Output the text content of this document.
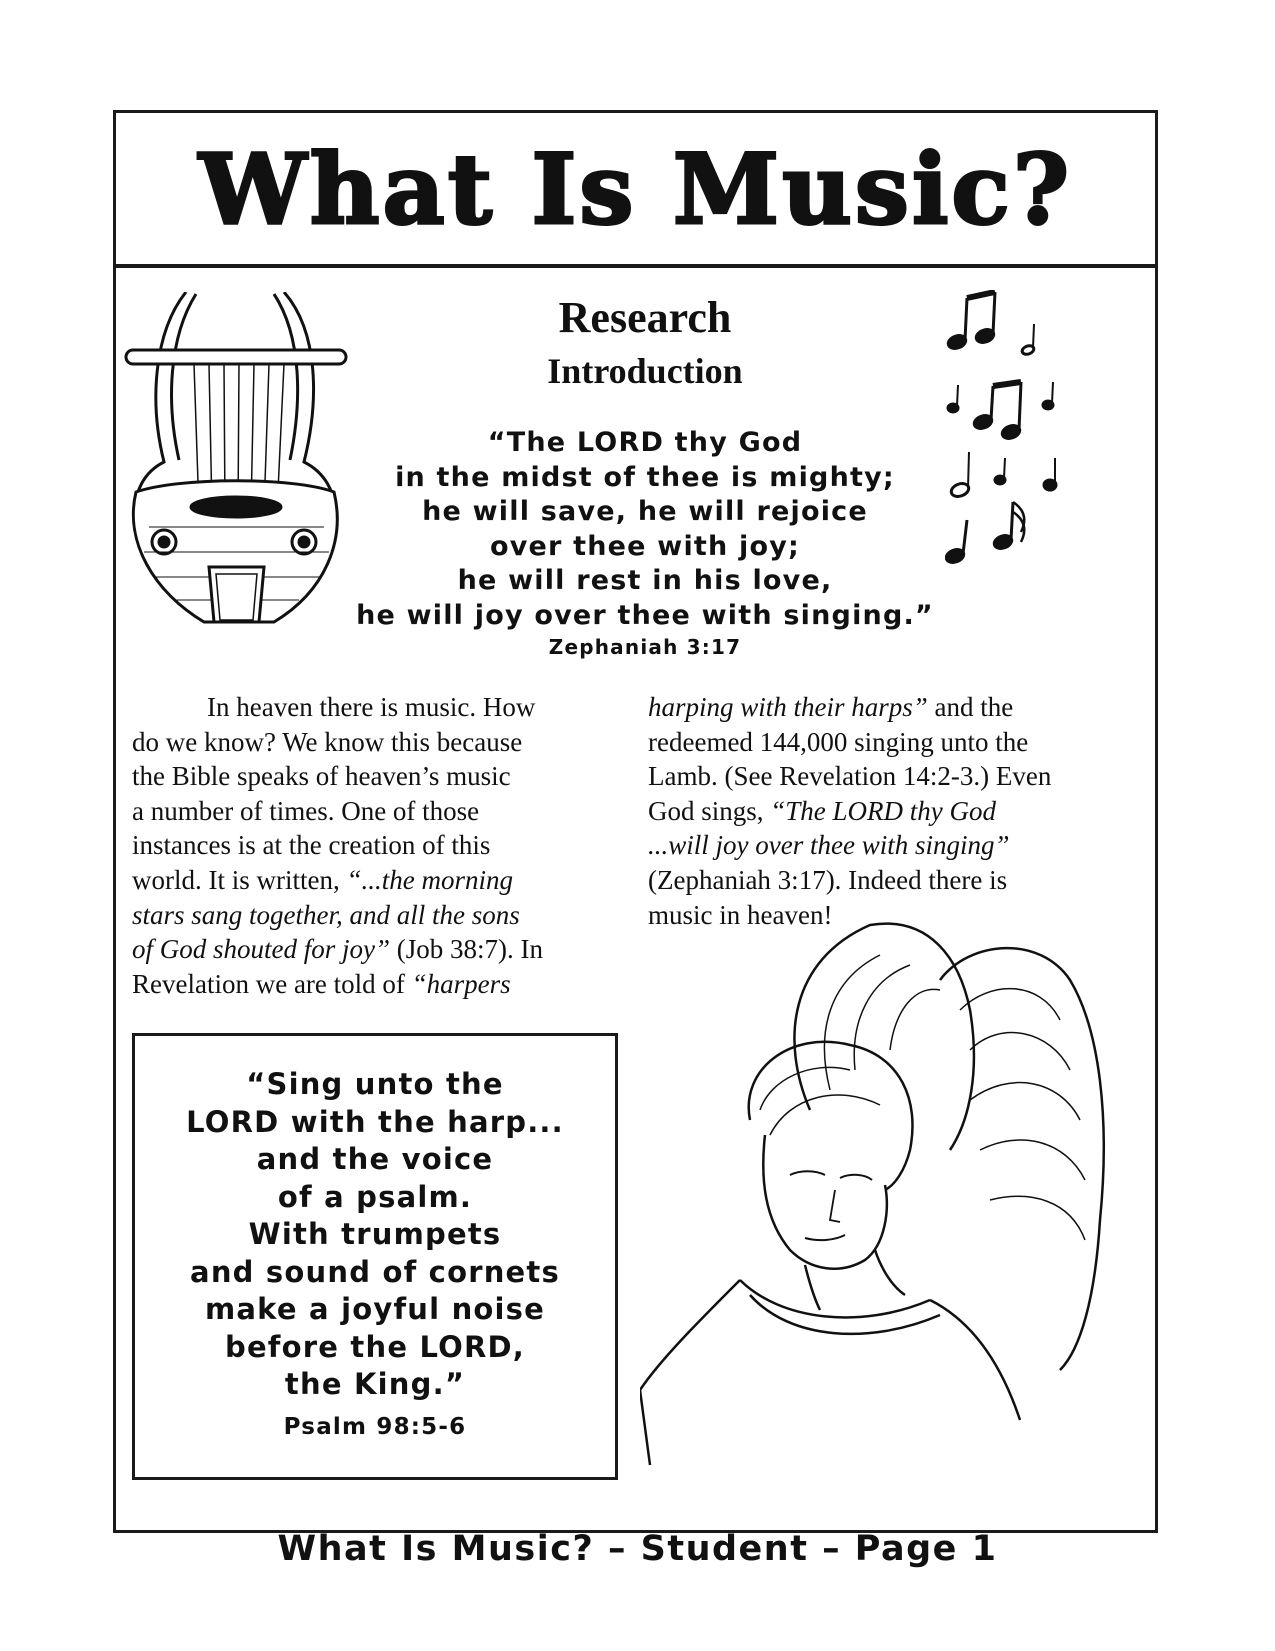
What Is Music?
Research
Introduction
“The LORD thy God
in the midst of thee is mighty;
he will save, he will rejoice
over thee with joy;
he will rest in his love,
he will joy over thee with singing.”
Zephaniah 3:17
In heaven there is music. How
do we know? We know this because
the Bible speaks of heaven’s music
a number of times. One of those
instances is at the creation of this
world. It is written, “...the morning
stars sang together, and all the sons
of God shouted for joy” (Job 38:7). In
Revelation we are told of “harpers
harping with their harps” and the
redeemed 144,000 singing unto the
Lamb. (See Revelation 14:2-3.) Even
God sings, “The LORD thy God
...will joy over thee with singing”
(Zephaniah 3:17). Indeed there is
music in heaven!
“Sing unto the
LORD with the harp...
and the voice
of a psalm.
With trumpets
and sound of cornets
make a joyful noise
before the LORD,
the King.”
Psalm 98:5-6
What Is Music? – Student – Page 1
